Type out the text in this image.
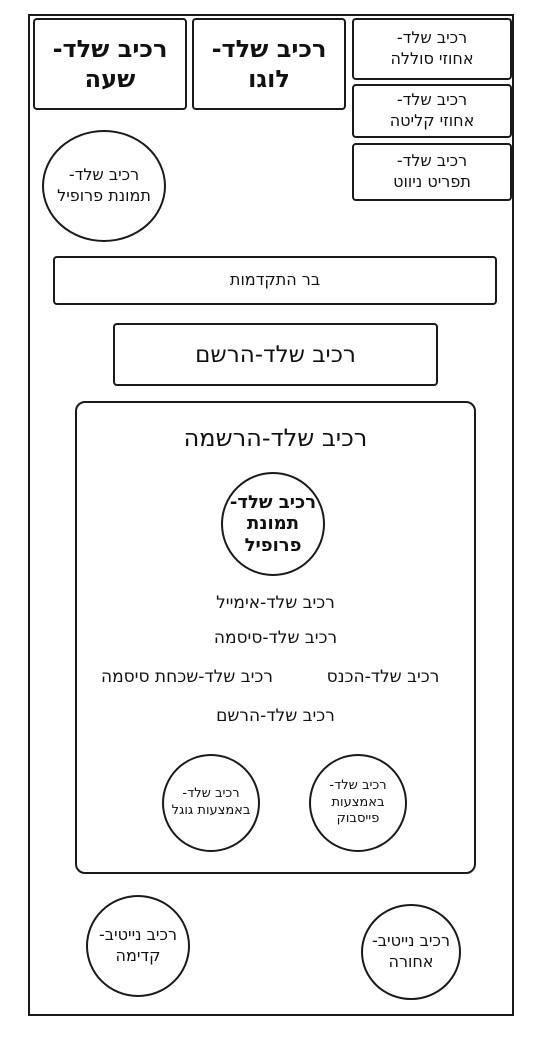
רכיב שלד-
שעה
רכיב שלד-
לוגו
רכיב שלד-
אחוזי סוללה
רכיב שלד-
אחוזי קליטה
רכיב שלד-
תפריט ניווט
רכיב שלד-
תמונת פרופיל
בר התקדמות
רכיב שלד-הרשם
רכיב שלד-הרשמה
רכיב שלד-
תמונת
פרופיל
רכיב שלד-אימייל
רכיב שלד-סיסמה
רכיב שלד-הכנס
רכיב שלד-שכחת סיסמה
רכיב שלד-הרשם
רכיב שלד-
באמצעות
פייסבוק
רכיב שלד-
באמצעות גוגל
רכיב נייטיב-
קדימה
רכיב נייטיב-
אחורה
